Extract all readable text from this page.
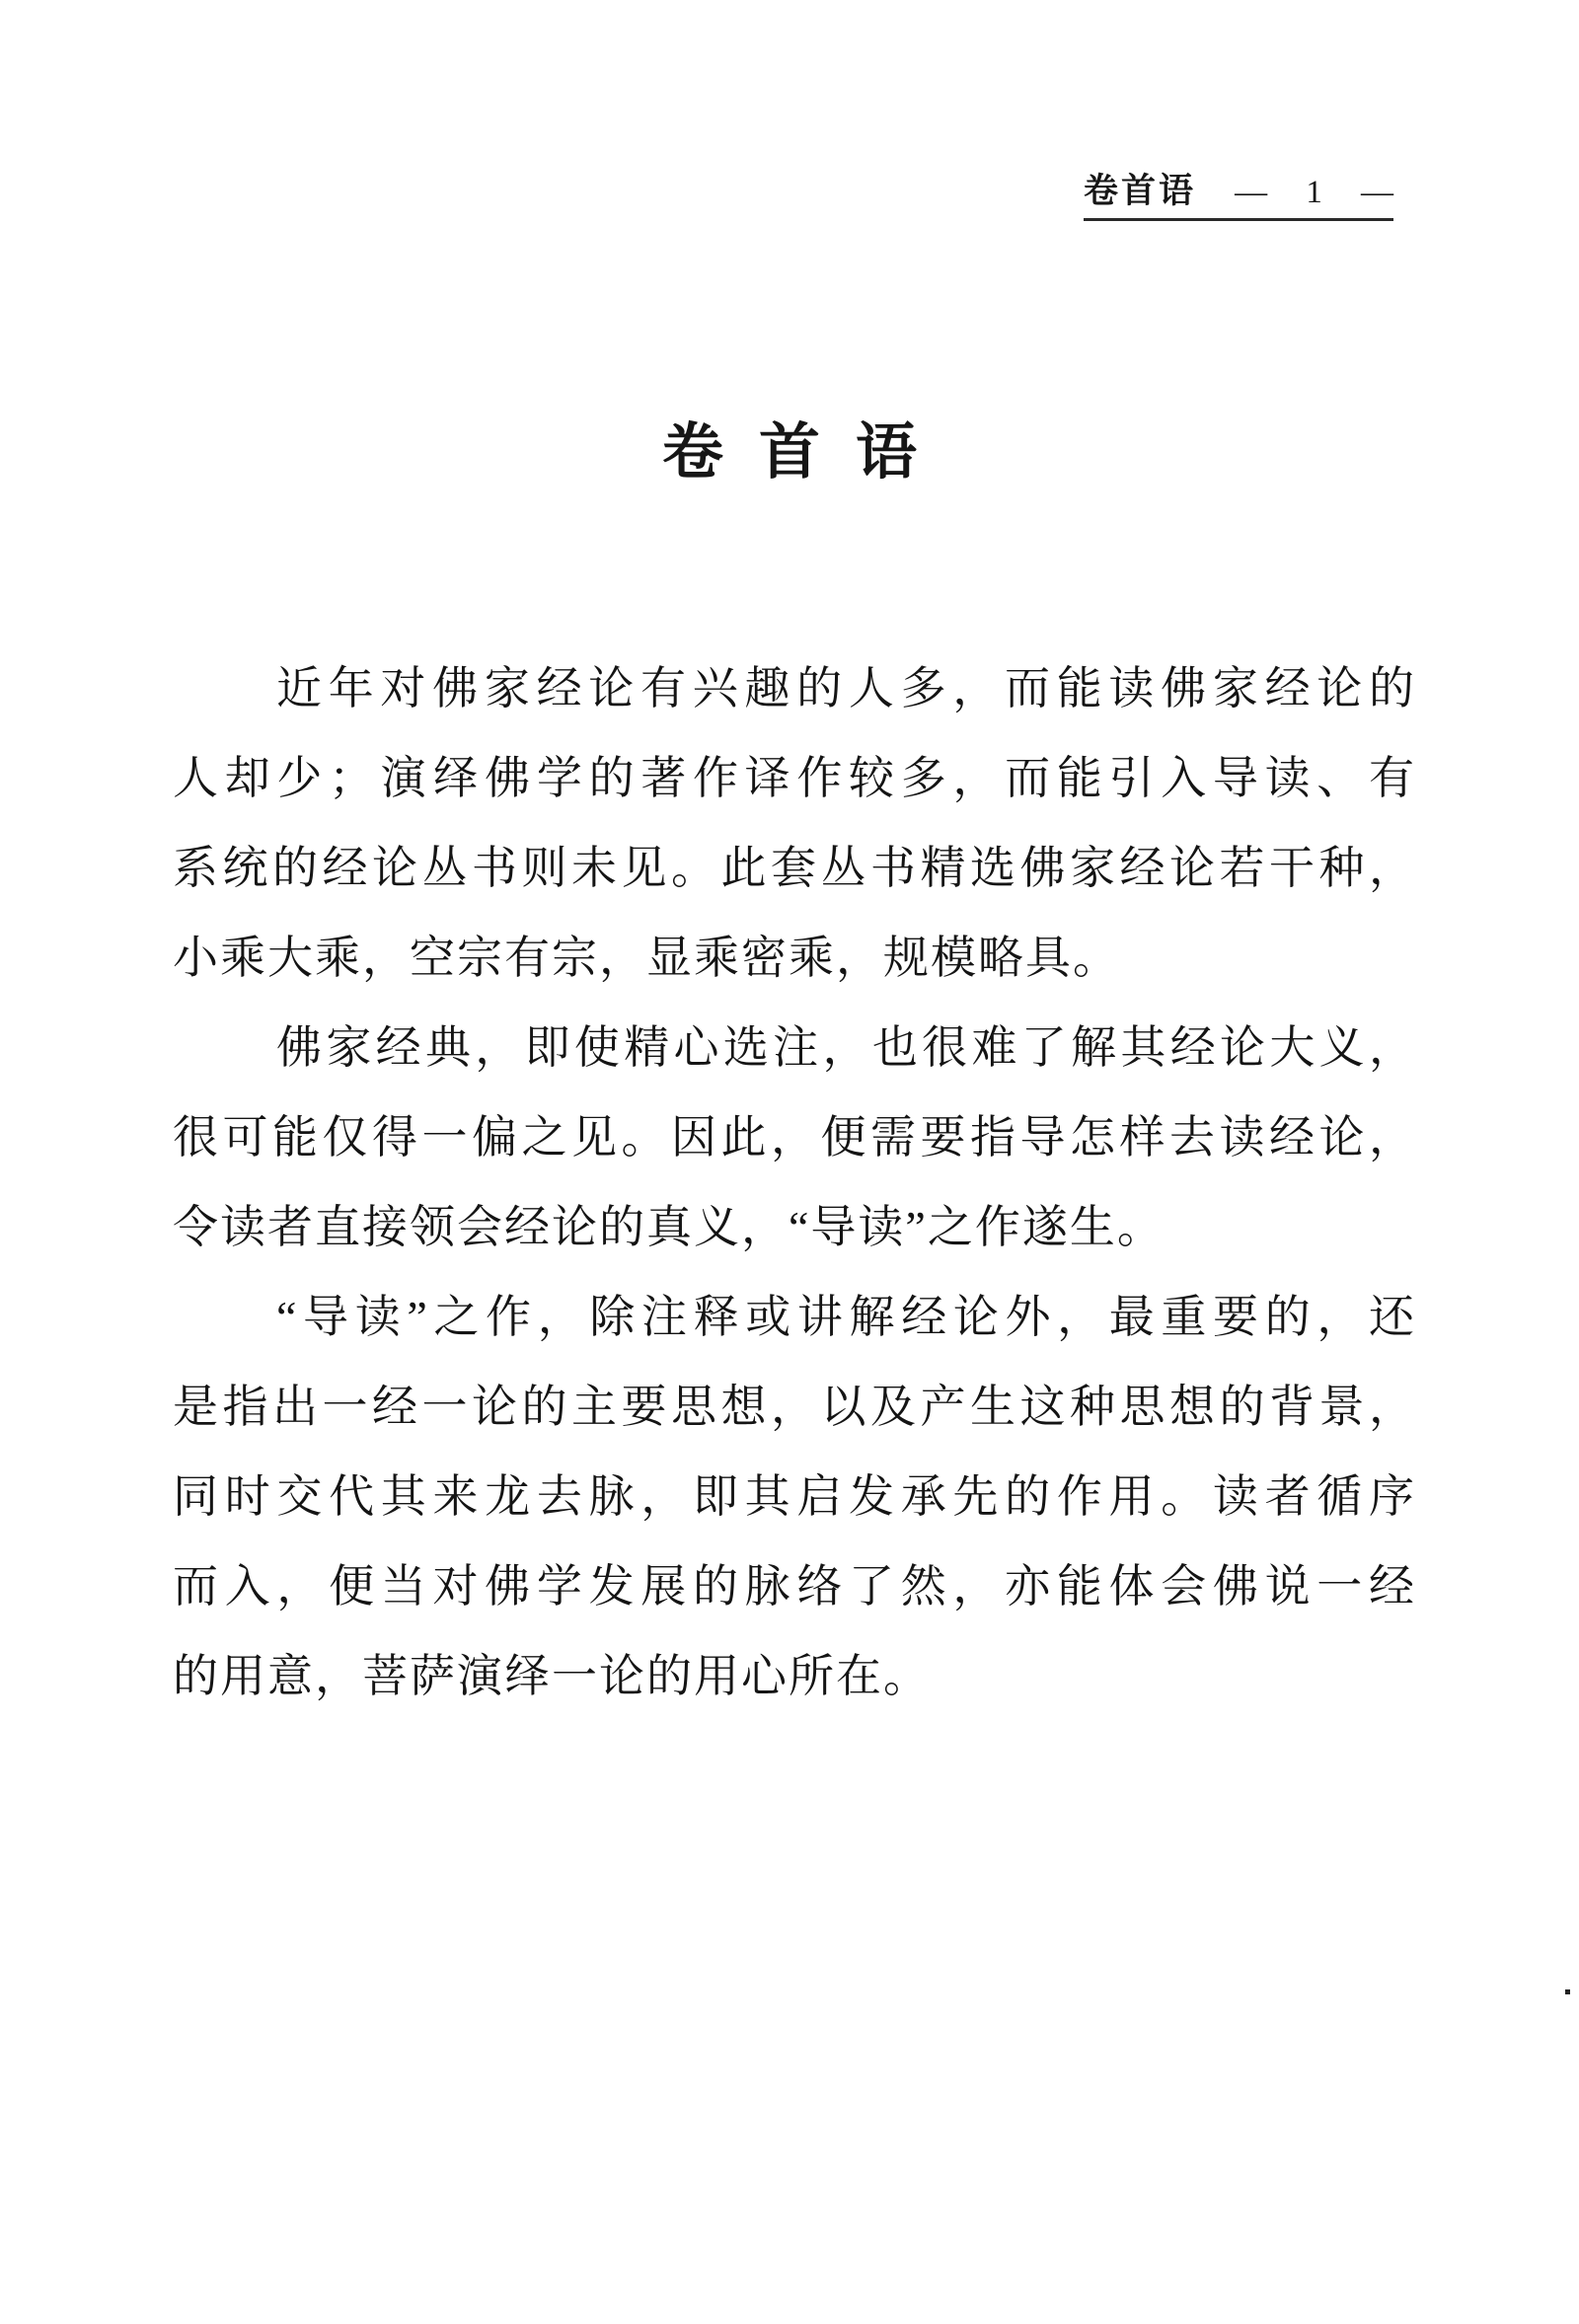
卷首语 — 1 —
卷首语
近年对佛家经论有兴趣的人多，而能读佛家经论的
人却少；演绎佛学的著作译作较多，而能引入导读、有
系统的经论丛书则未见。此套丛书精选佛家经论若干种，
小乘大乘，空宗有宗，显乘密乘，规模略具。
佛家经典，即使精心选注，也很难了解其经论大义，
很可能仅得一偏之见。因此，便需要指导怎样去读经论，
令读者直接领会经论的真义，“导读”之作遂生。
“导读”之作，除注释或讲解经论外，最重要的，还
是指出一经一论的主要思想，以及产生这种思想的背景，
同时交代其来龙去脉，即其启发承先的作用。读者循序
而入，便当对佛学发展的脉络了然，亦能体会佛说一经
的用意，菩萨演绎一论的用心所在。
